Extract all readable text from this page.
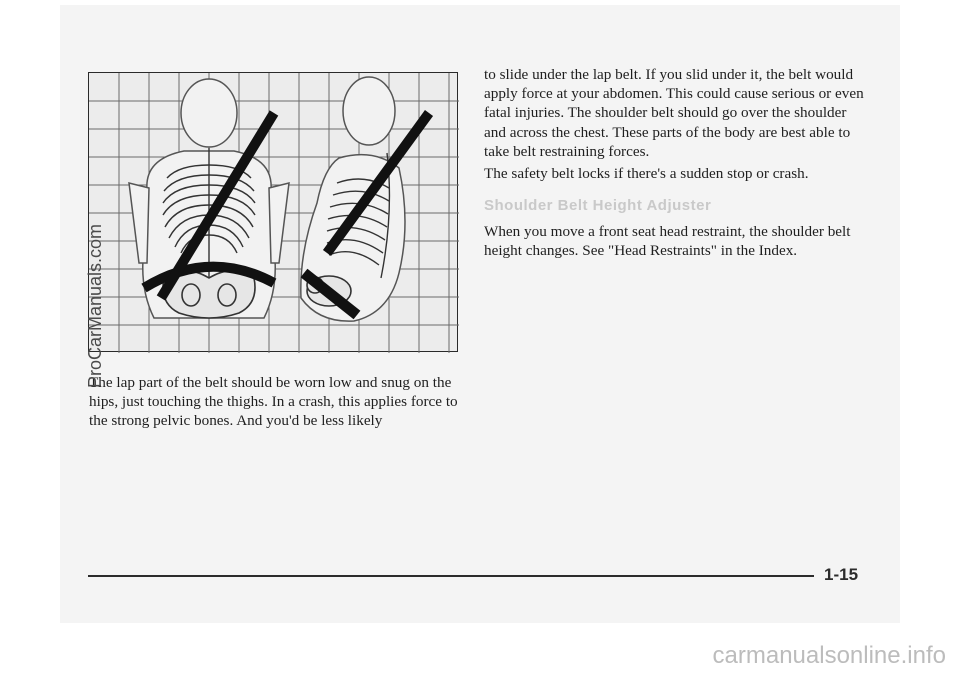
The lap part of the belt should be worn low and snug on the hips, just touching the thighs. In a crash, this applies force to the strong pelvic bones. And you'd be less likely
to slide under the lap belt. If you slid under it, the belt would apply force at your abdomen. This could cause serious or even fatal injuries. The shoulder belt should go over the shoulder and across the chest. These parts of the body are best able to take belt restraining forces.
The safety belt locks if there's a sudden stop or crash.
Shoulder Belt Height Adjuster
When you move a front seat head restraint, the shoulder belt height changes. See "Head Restraints" in the Index.
1-15
ProCarManuals.com
carmanualsonline.info
